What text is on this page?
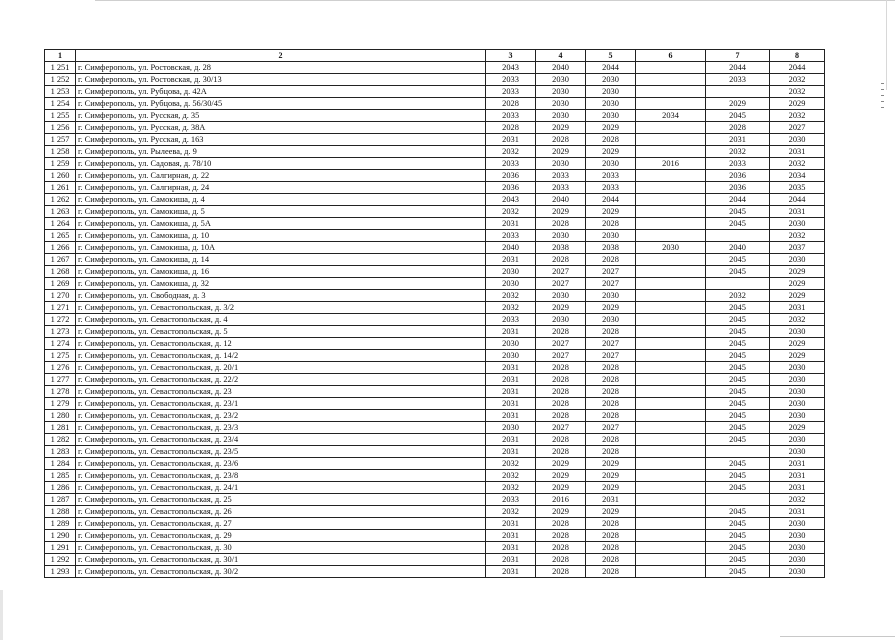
1	2	3	4	5	6	7	8
1 251	г. Симферополь, ул. Ростовская, д. 28	2043	2040	2044		2044	2044
1 252	г. Симферополь, ул. Ростовская, д. 30/13	2033	2030	2030		2033	2032
1 253	г. Симферополь, ул. Рубцова, д. 42А	2033	2030	2030			2032
1 254	г. Симферополь, ул. Рубцова, д. 56/30/45	2028	2030	2030		2029	2029
1 255	г. Симферополь, ул. Русская, д. 35	2033	2030	2030	2034	2045	2032
1 256	г. Симферополь, ул. Русская, д. 38А	2028	2029	2029		2028	2027
1 257	г. Симферополь, ул. Русская, д. 163	2031	2028	2028		2031	2030
1 258	г. Симферополь, ул. Рылеева, д. 9	2032	2029	2029		2032	2031
1 259	г. Симферополь, ул. Садовая, д. 78/10	2033	2030	2030	2016	2033	2032
1 260	г. Симферополь, ул. Салгирная, д. 22	2036	2033	2033		2036	2034
1 261	г. Симферополь, ул. Салгирная, д. 24	2036	2033	2033		2036	2035
1 262	г. Симферополь, ул. Самокиша, д. 4	2043	2040	2044		2044	2044
1 263	г. Симферополь, ул. Самокиша, д. 5	2032	2029	2029		2045	2031
1 264	г. Симферополь, ул. Самокиша, д. 5А	2031	2028	2028		2045	2030
1 265	г. Симферополь, ул. Самокиша, д. 10	2033	2030	2030			2032
1 266	г. Симферополь, ул. Самокиша, д. 10А	2040	2038	2038	2030	2040	2037
1 267	г. Симферополь, ул. Самокиша, д. 14	2031	2028	2028		2045	2030
1 268	г. Симферополь, ул. Самокиша, д. 16	2030	2027	2027		2045	2029
1 269	г. Симферополь, ул. Самокиша, д. 32	2030	2027	2027			2029
1 270	г. Симферополь, ул. Свободная, д. 3	2032	2030	2030		2032	2029
1 271	г. Симферополь, ул. Севастопольская, д. 3/2	2032	2029	2029		2045	2031
1 272	г. Симферополь, ул. Севастопольская, д. 4	2033	2030	2030		2045	2032
1 273	г. Симферополь, ул. Севастопольская, д. 5	2031	2028	2028		2045	2030
1 274	г. Симферополь, ул. Севастопольская, д. 12	2030	2027	2027		2045	2029
1 275	г. Симферополь, ул. Севастопольская, д. 14/2	2030	2027	2027		2045	2029
1 276	г. Симферополь, ул. Севастопольская, д. 20/1	2031	2028	2028		2045	2030
1 277	г. Симферополь, ул. Севастопольская, д. 22/2	2031	2028	2028		2045	2030
1 278	г. Симферополь, ул. Севастопольская, д. 23	2031	2028	2028		2045	2030
1 279	г. Симферополь, ул. Севастопольская, д. 23/1	2031	2028	2028		2045	2030
1 280	г. Симферополь, ул. Севастопольская, д. 23/2	2031	2028	2028		2045	2030
1 281	г. Симферополь, ул. Севастопольская, д. 23/3	2030	2027	2027		2045	2029
1 282	г. Симферополь, ул. Севастопольская, д. 23/4	2031	2028	2028		2045	2030
1 283	г. Симферополь, ул. Севастопольская, д. 23/5	2031	2028	2028			2030
1 284	г. Симферополь, ул. Севастопольская, д. 23/6	2032	2029	2029		2045	2031
1 285	г. Симферополь, ул. Севастопольская, д. 23/8	2032	2029	2029		2045	2031
1 286	г. Симферополь, ул. Севастопольская, д. 24/1	2032	2029	2029		2045	2031
1 287	г. Симферополь, ул. Севастопольская, д. 25	2033	2016	2031			2032
1 288	г. Симферополь, ул. Севастопольская, д. 26	2032	2029	2029		2045	2031
1 289	г. Симферополь, ул. Севастопольская, д. 27	2031	2028	2028		2045	2030
1 290	г. Симферополь, ул. Севастопольская, д. 29	2031	2028	2028		2045	2030
1 291	г. Симферополь, ул. Севастопольская, д. 30	2031	2028	2028		2045	2030
1 292	г. Симферополь, ул. Севастопольская, д. 30/1	2031	2028	2028		2045	2030
1 293	г. Симферополь, ул. Севастопольская, д. 30/2	2031	2028	2028		2045	2030
